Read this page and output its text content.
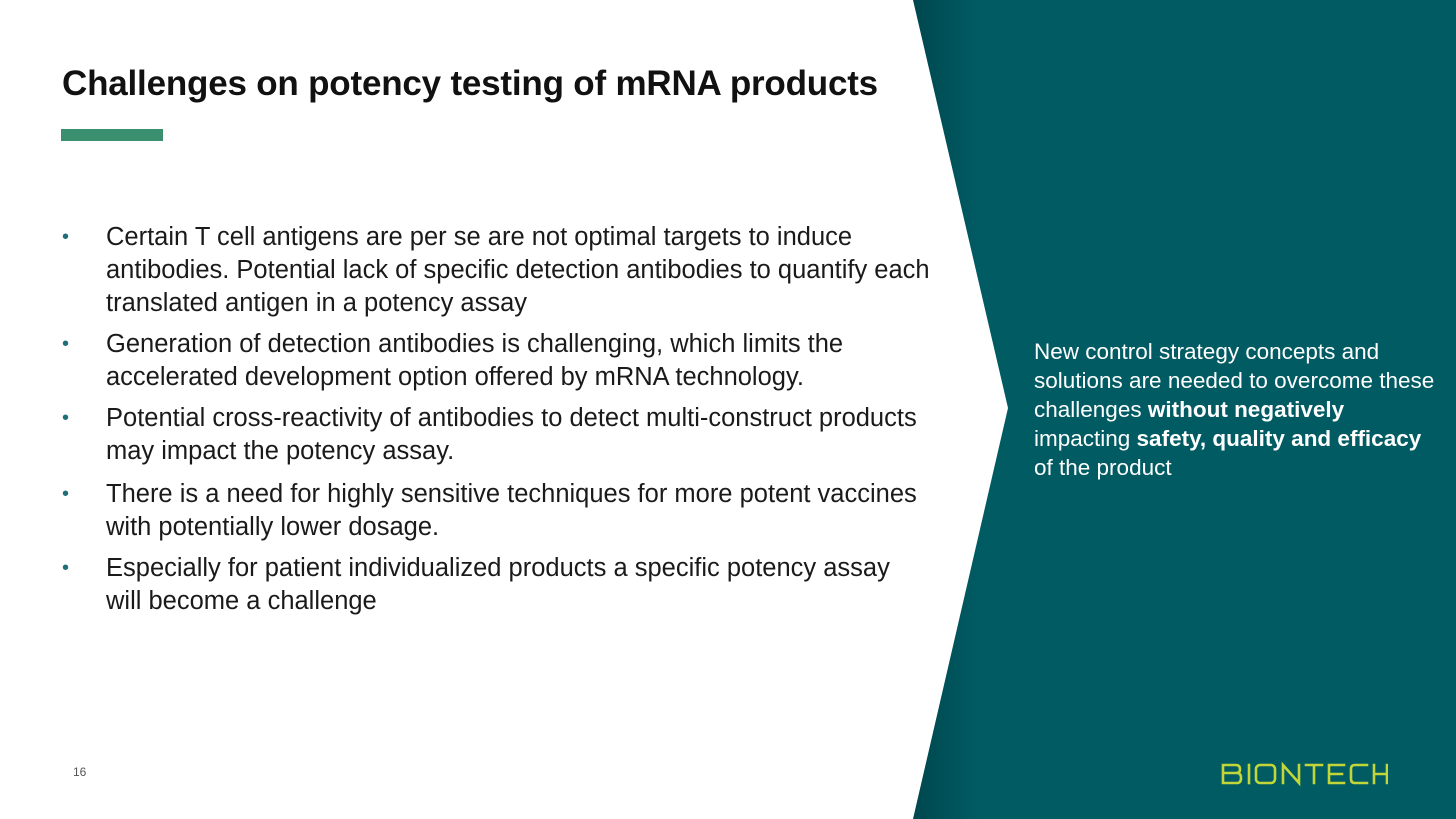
Challenges on potency testing of mRNA products
•	Certain T cell antigens are per se are not optimal targets to induce antibodies. Potential lack of specific detection antibodies to quantify each translated antigen in a potency assay
•	Generation of detection antibodies is challenging, which limits the accelerated development option offered by mRNA technology.
•	Potential cross-reactivity of antibodies to detect multi-construct products may impact the potency assay.
•	There is a need for highly sensitive techniques for more potent vaccines with potentially lower dosage.
•	Especially for patient individualized products a specific potency assay will become a challenge
New control strategy concepts and solutions are needed to overcome these challenges without negatively impacting safety, quality and efficacy of the product
16
